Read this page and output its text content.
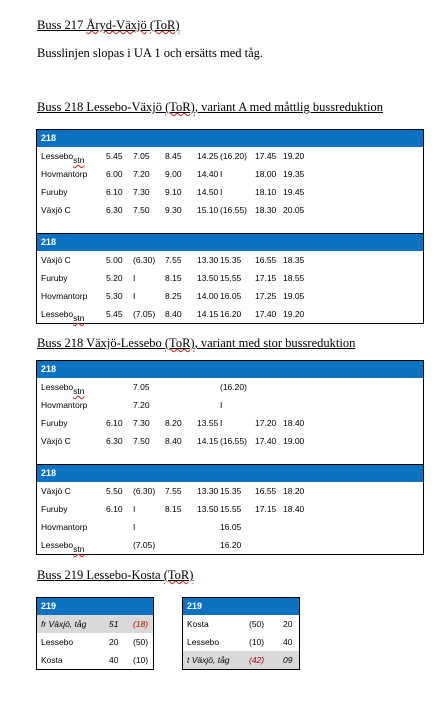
Buss 217 Åryd-Växjö (ToR)
Busslinjen slopas i UA 1 och ersätts med tåg.
Buss 218 Lessebo-Växjö (ToR), variant A med måttlig bussreduktion
218
Lessebo stn	5.45 7.05 8.45 14.25 (16.20) 17.45 19.20
Hovmantorp 6.00 7.20 9.00 14.40 I	18.00 19.35
Furuby	6.10 7.30 9.10 14.50 I	18.10 19.45
Växjö C	6.30 7.50 9.30 15.10 (16.55) 18.30 20.05
218
Växjö C	5.00 (6.30) 7.55 13.30 15.35 16.55 18.35
Furuby	5.20 I	8.15 13.50 15.55 17.15 18.55
Hovmantorp 5.30 I	8.25 14.00 16.05 17.25 19.05
Lessebo stn	5.45 (7.05) 8.40 14.15 16.20 17.40 19.20
Buss 218 Växjö-Lessebo (ToR), variant med stor bussreduktion
218
Lessebo stn	7.05	(16.20)
Hovmantorp	7.20	I
Furuby	6.10 7.30 8.20 13.55 I	17.20 18.40
Växjö C	6.30 7.50 8.40 14.15 (16.55) 17.40 19.00
218
Växjö C	5.50 (6.30) 7.55 13.30 15.35 16.55 18.20
Furuby	6.10 I	8.15 13.50 15.55 17.15 18.40
Hovmantorp	I	16.05
Lessebo stn	(7.05)	16.20
Buss 219 Lessebo-Kosta (ToR)
219
fr Växjö, tåg	51 (18)
Lessebo	20 (50)
Kosta	40 (10)
219
Kosta	(50) 20
Lessebo	(10) 40
t Växjö, tåg (42) 09
